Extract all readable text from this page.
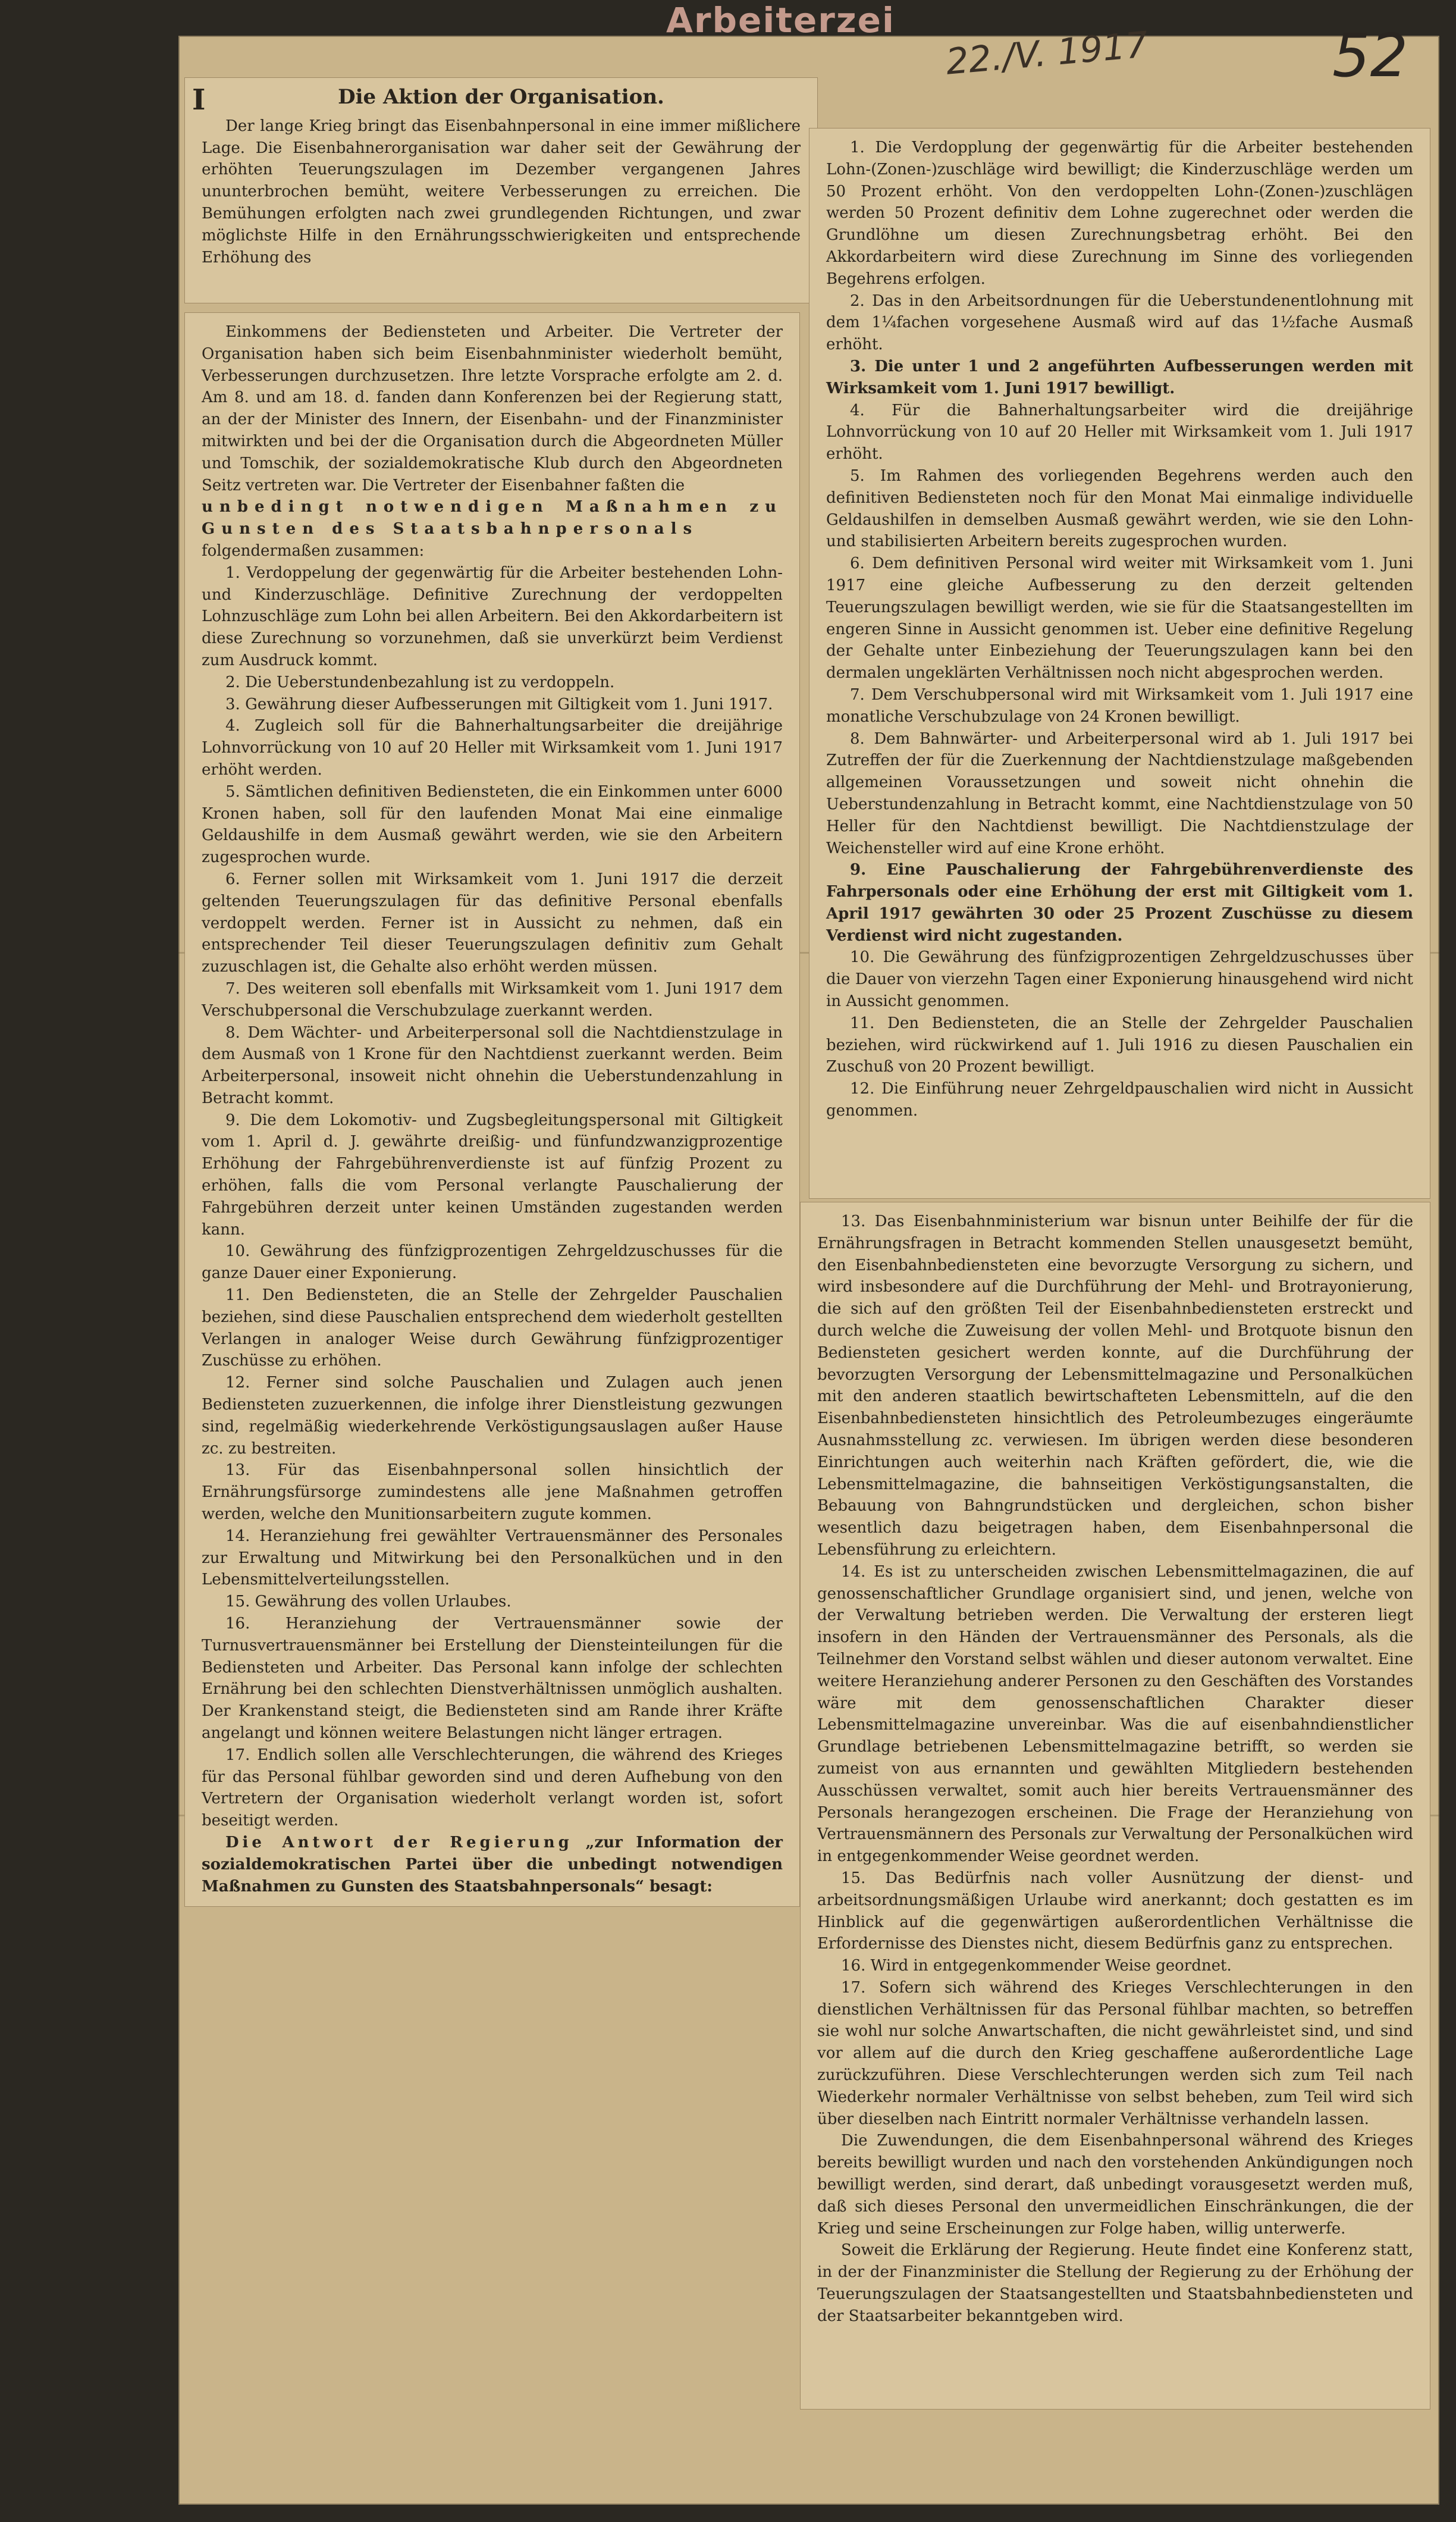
Arbeiterzei
22./V. 1917	52
Die Aktion der Organisation.

Der lange Krieg bringt das Eisenbahnpersonal in eine immer mißlichere Lage. Die Eisenbahnerorganisation war daher seit der Gewährung der erhöhten Teuerungszulagen im Dezember vergangenen Jahres ununterbrochen bemüht, weitere Verbesserungen zu erreichen. Die Bemühungen erfolgten nach zwei grundlegenden Richtungen, und zwar möglichste Hilfe in den Ernährungsschwierigkeiten und entsprechende Erhöhung des

I

Einkommens der Bediensteten und Arbeiter. Die Vertreter der Organisation haben sich beim Eisenbahnminister wiederholt bemüht, Verbesserungen durchzusetzen. Ihre letzte Vorsprache erfolgte am 2. d. Am 8. und am 18. d. fanden dann Konferenzen bei der Regierung statt, an der der Minister des Innern, der Eisenbahn- und der Finanzminister mitwirkten und bei der die Organisation durch die Abgeordneten Müller und Tomschik, der sozialdemokratische Klub durch den Abgeordneten Seitz vertreten war. Die Vertreter der Eisenbahner faßten die

unbedingt notwendigen Maßnahmen zu Gunsten des Staatsbahnpersonals

folgendermaßen zusammen:

1. Verdoppelung der gegenwärtig für die Arbeiter bestehenden Lohn- und Kinderzuschläge. Definitive Zurechnung der verdoppelten Lohnzuschläge zum Lohn bei allen Arbeitern. Bei den Akkordarbeitern ist diese Zurechnung so vorzunehmen, daß sie unverkürzt beim Verdienst zum Ausdruck kommt.

2. Die Ueberstundenbezahlung ist zu verdoppeln.

3. Gewährung dieser Aufbesserungen mit Giltigkeit vom 1. Juni 1917.

4. Zugleich soll für die Bahnerhaltungsarbeiter die dreijährige Lohnvorrückung von 10 auf 20 Heller mit Wirksamkeit vom 1. Juni 1917 erhöht werden.

5. Sämtlichen definitiven Bediensteten, die ein Einkommen unter 6000 Kronen haben, soll für den laufenden Monat Mai eine einmalige Geldaushilfe in dem Ausmaß gewährt werden, wie sie den Arbeitern zugesprochen wurde.

6. Ferner sollen mit Wirksamkeit vom 1. Juni 1917 die derzeit geltenden Teuerungszulagen für das definitive Personal ebenfalls verdoppelt werden. Ferner ist in Aussicht zu nehmen, daß ein entsprechender Teil dieser Teuerungszulagen definitiv zum Gehalt zuzuschlagen ist, die Gehalte also erhöht werden müssen.

7. Des weiteren soll ebenfalls mit Wirksamkeit vom 1. Juni 1917 dem Verschubpersonal die Verschubzulage zuerkannt werden.

8. Dem Wächter- und Arbeiterpersonal soll die Nachtdienstzulage in dem Ausmaß von 1 Krone für den Nachtdienst zuerkannt werden. Beim Arbeiterpersonal, insoweit nicht ohnehin die Ueberstundenzahlung in Betracht kommt.

9. Die dem Lokomotiv- und Zugsbegleitungspersonal mit Giltigkeit vom 1. April d. J. gewährte dreißig- und fünfundzwanzigprozentige Erhöhung der Fahrgebührenverdienste ist auf fünfzig Prozent zu erhöhen, falls die vom Personal verlangte Pauschalierung der Fahrgebühren derzeit unter keinen Umständen zugestanden werden kann.

10. Gewährung des fünfzigprozentigen Zehrgeldzuschusses für die ganze Dauer einer Exponierung.

11. Den Bediensteten, die an Stelle der Zehrgelder Pauschalien beziehen, sind diese Pauschalien entsprechend dem wiederholt gestellten Verlangen in analoger Weise durch Gewährung fünfzigprozentiger Zuschüsse zu erhöhen.

12. Ferner sind solche Pauschalien und Zulagen auch jenen Bediensteten zuzuerkennen, die infolge ihrer Dienstleistung gezwungen sind, regelmäßig wiederkehrende Verköstigungsauslagen außer Hause zc. zu bestreiten.

13. Für das Eisenbahnpersonal sollen hinsichtlich der Ernährungsfürsorge zumindestens alle jene Maßnahmen getroffen werden, welche den Munitionsarbeitern zugute kommen.

14. Heranziehung frei gewählter Vertrauensmänner des Personales zur Erwaltung und Mitwirkung bei den Personalküchen und in den Lebensmittelverteilungsstellen.

15. Gewährung des vollen Urlaubes.

16. Heranziehung der Vertrauensmänner sowie der Turnusvertrauensmänner bei Erstellung der Diensteinteilungen für die Bediensteten und Arbeiter. Das Personal kann infolge der schlechten Ernährung bei den schlechten Dienstverhältnissen unmöglich aushalten. Der Krankenstand steigt, die Bediensteten sind am Rande ihrer Kräfte angelangt und können weitere Belastungen nicht länger ertragen.

17. Endlich sollen alle Verschlechterungen, die während des Krieges für das Personal fühlbar geworden sind und deren Aufhebung von den Vertretern der Organisation wiederholt verlangt worden ist, sofort beseitigt werden.

Die Antwort der Regierung „zur Information der sozialdemokratischen Partei über die unbedingt notwendigen Maßnahmen zu Gunsten des Staatsbahnpersonals“ besagt:

1. Die Verdopplung der gegenwärtig für die Arbeiter bestehenden Lohn-(Zonen-)zuschläge wird bewilligt; die Kinderzuschläge werden um 50 Prozent erhöht. Von den verdoppelten Lohn-(Zonen-)zuschlägen werden 50 Prozent definitiv dem Lohne zugerechnet oder werden die Grundlöhne um diesen Zurechnungsbetrag erhöht. Bei den Akkordarbeitern wird diese Zurechnung im Sinne des vorliegenden Begehrens erfolgen.

2. Das in den Arbeitsordnungen für die Ueberstundenentlohnung mit dem 1¼fachen vorgesehene Ausmaß wird auf das 1½fache Ausmaß erhöht.

3. Die unter 1 und 2 angeführten Aufbesserungen werden mit Wirksamkeit vom 1. Juni 1917 bewilligt.

4. Für die Bahnerhaltungsarbeiter wird die dreijährige Lohnvorrückung von 10 auf 20 Heller mit Wirksamkeit vom 1. Juli 1917 erhöht.

5. Im Rahmen des vorliegenden Begehrens werden auch den definitiven Bediensteten noch für den Monat Mai einmalige individuelle Geldaushilfen in demselben Ausmaß gewährt werden, wie sie den Lohn- und stabilisierten Arbeitern bereits zugesprochen wurden.

6. Dem definitiven Personal wird weiter mit Wirksamkeit vom 1. Juni 1917 eine gleiche Aufbesserung zu den derzeit geltenden Teuerungszulagen bewilligt werden, wie sie für die Staatsangestellten im engeren Sinne in Aussicht genommen ist. Ueber eine definitive Regelung der Gehalte unter Einbeziehung der Teuerungszulagen kann bei den dermalen ungeklärten Verhältnissen noch nicht abgesprochen werden.

7. Dem Verschubpersonal wird mit Wirksamkeit vom 1. Juli 1917 eine monatliche Verschubzulage von 24 Kronen bewilligt.

8. Dem Bahnwärter- und Arbeiterpersonal wird ab 1. Juli 1917 bei Zutreffen der für die Zuerkennung der Nachtdienstzulage maßgebenden allgemeinen Voraussetzungen und soweit nicht ohnehin die Ueberstundenzahlung in Betracht kommt, eine Nachtdienstzulage von 50 Heller für den Nachtdienst bewilligt. Die Nachtdienstzulage der Weichensteller wird auf eine Krone erhöht.

9. Eine Pauschalierung der Fahrgebührenverdienste des Fahrpersonals oder eine Erhöhung der erst mit Giltigkeit vom 1. April 1917 gewährten 30 oder 25 Prozent Zuschüsse zu diesem Verdienst wird nicht zugestanden.

10. Die Gewährung des fünfzigprozentigen Zehrgeldzuschusses über die Dauer von vierzehn Tagen einer Exponierung hinausgehend wird nicht in Aussicht genommen.

11. Den Bediensteten, die an Stelle der Zehrgelder Pauschalien beziehen, wird rückwirkend auf 1. Juli 1916 zu diesen Pauschalien ein Zuschuß von 20 Prozent bewilligt.

12. Die Einführung neuer Zehrgeldpauschalien wird nicht in Aussicht genommen.

13. Das Eisenbahnministerium war bisnun unter Beihilfe der für die Ernährungsfragen in Betracht kommenden Stellen unausgesetzt bemüht, den Eisenbahnbediensteten eine bevorzugte Versorgung zu sichern, und wird insbesondere auf die Durchführung der Mehl- und Brotrayonierung, die sich auf den größten Teil der Eisenbahnbediensteten erstreckt und durch welche die Zuweisung der vollen Mehl- und Brotquote bisnun den Bediensteten gesichert werden konnte, auf die Durchführung der bevorzugten Versorgung der Lebensmittelmagazine und Personalküchen mit den anderen staatlich bewirtschafteten Lebensmitteln, auf die den Eisenbahnbediensteten hinsichtlich des Petroleumbezuges eingeräumte Ausnahmsstellung zc. verwiesen. Im übrigen werden diese besonderen Einrichtungen auch weiterhin nach Kräften gefördert, die, wie die Lebensmittelmagazine, die bahnseitigen Verköstigungsanstalten, die Bebauung von Bahngrundstücken und dergleichen, schon bisher wesentlich dazu beigetragen haben, dem Eisenbahnpersonal die Lebensführung zu erleichtern.

14. Es ist zu unterscheiden zwischen Lebensmittelmagazinen, die auf genossenschaftlicher Grundlage organisiert sind, und jenen, welche von der Verwaltung betrieben werden. Die Verwaltung der ersteren liegt insofern in den Händen der Vertrauensmänner des Personals, als die Teilnehmer den Vorstand selbst wählen und dieser autonom verwaltet. Eine weitere Heranziehung anderer Personen zu den Geschäften des Vorstandes wäre mit dem genossenschaftlichen Charakter dieser Lebensmittelmagazine unvereinbar. Was die auf eisenbahndienstlicher Grundlage betriebenen Lebensmittelmagazine betrifft, so werden sie zumeist von aus ernannten und gewählten Mitgliedern bestehenden Ausschüssen verwaltet, somit auch hier bereits Vertrauensmänner des Personals herangezogen erscheinen. Die Frage der Heranziehung von Vertrauensmännern des Personals zur Verwaltung der Personalküchen wird in entgegenkommender Weise geordnet werden.

15. Das Bedürfnis nach voller Ausnützung der dienst- und arbeitsordnungsmäßigen Urlaube wird anerkannt; doch gestatten es im Hinblick auf die gegenwärtigen außerordentlichen Verhältnisse die Erfordernisse des Dienstes nicht, diesem Bedürfnis ganz zu entsprechen.

16. Wird in entgegenkommender Weise geordnet.

17. Sofern sich während des Krieges Verschlechterungen in den dienstlichen Verhältnissen für das Personal fühlbar machten, so betreffen sie wohl nur solche Anwartschaften, die nicht gewährleistet sind, und sind vor allem auf die durch den Krieg geschaffene außerordentliche Lage zurückzuführen. Diese Verschlechterungen werden sich zum Teil nach Wiederkehr normaler Verhältnisse von selbst beheben, zum Teil wird sich über dieselben nach Eintritt normaler Verhältnisse verhandeln lassen.

Die Zuwendungen, die dem Eisenbahnpersonal während des Krieges bereits bewilligt wurden und nach den vorstehenden Ankündigungen noch bewilligt werden, sind derart, daß unbedingt vorausgesetzt werden muß, daß sich dieses Personal den unvermeidlichen Einschränkungen, die der Krieg und seine Erscheinungen zur Folge haben, willig unterwerfe.

Soweit die Erklärung der Regierung. Heute findet eine Konferenz statt, in der der Finanzminister die Stellung der Regierung zu der Erhöhung der Teuerungszulagen der Staatsangestellten und Staatsbahnbediensteten und der Staatsarbeiter bekanntgeben wird.
